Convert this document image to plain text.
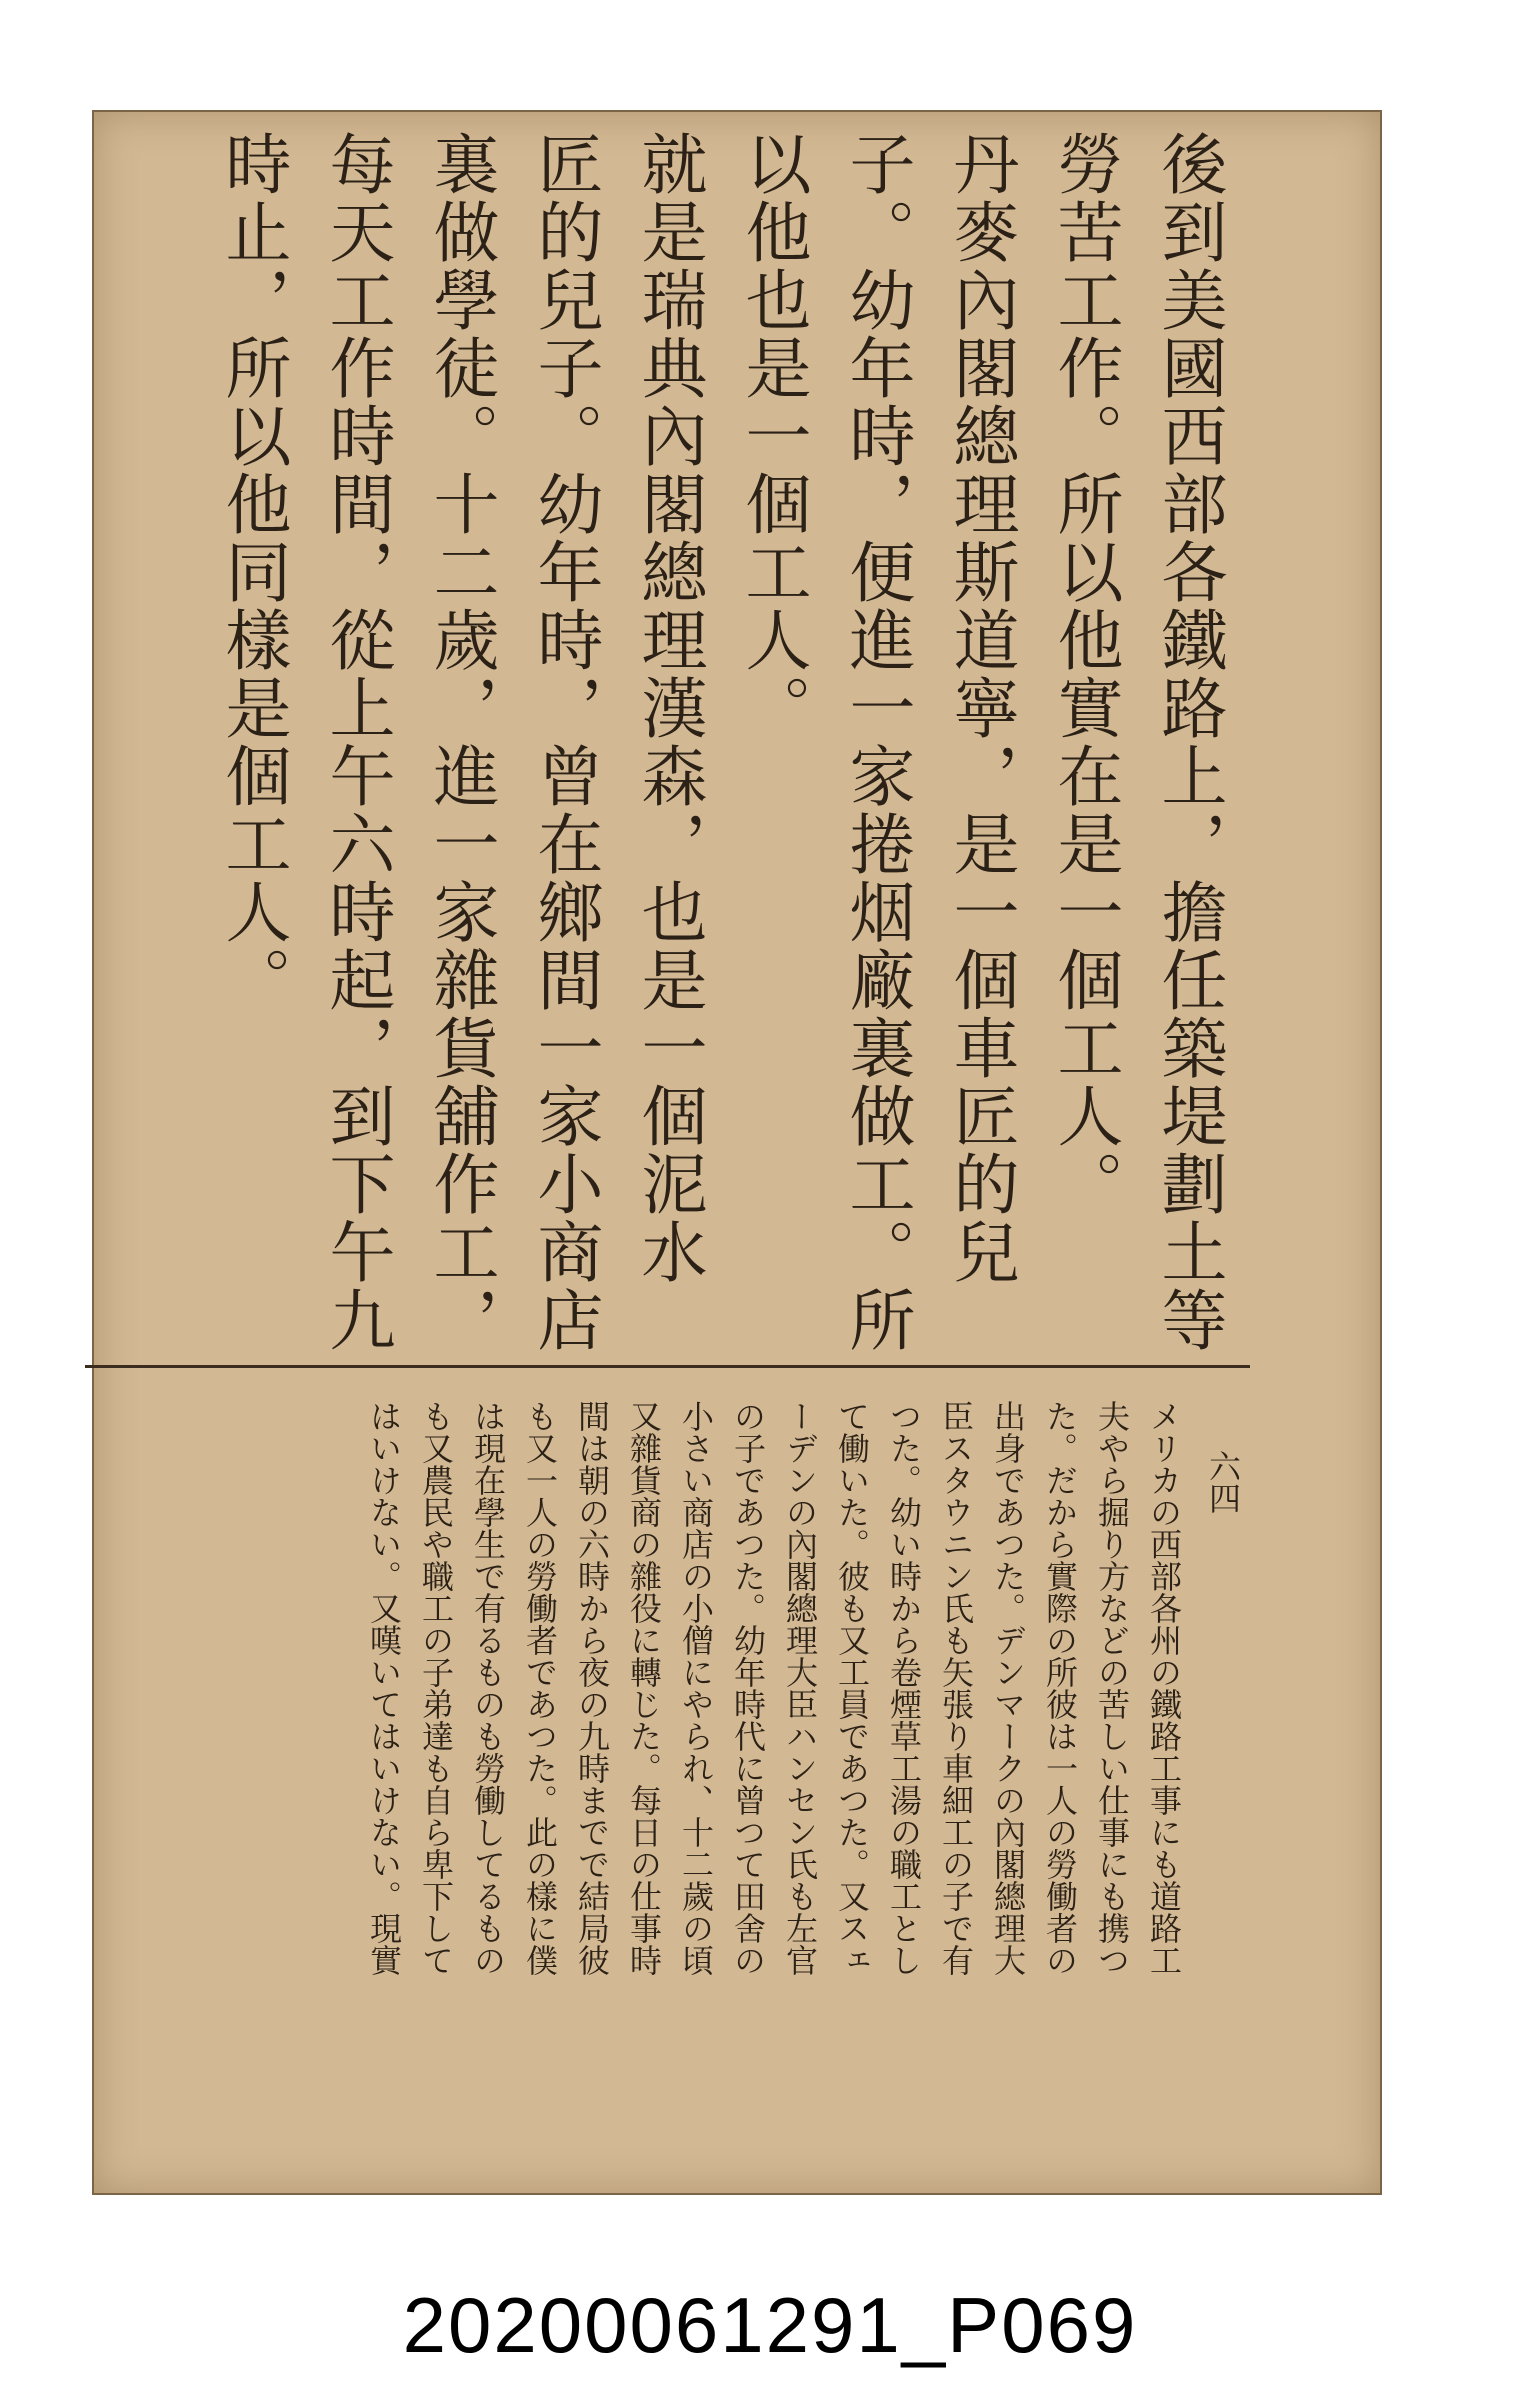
後到美國西部各鐵路上，擔任築堤劃土等

勞苦工作。所以他實在是一個工人。

丹麥內閣總理斯道寧，是一個車匠的兒

子。幼年時，便進一家捲烟廠裏做工。所

以他也是一個工人。

就是瑞典內閣總理漢森，也是一個泥水

匠的兒子。幼年時，曾在鄉間一家小商店

裏做學徒。十二歲，進一家雜貨舖作工，

每天工作時間，從上午六時起，到下午九

時止，所以他同樣是個工人。

六四

メリカの西部各州の鐵路工事にも道路工

夫やら掘り方などの苦しい仕事にも携つ

た。だから實際の所彼は一人の勞働者の

出身であつた。デンマークの內閣總理大

臣スタウニン氏も矢張り車細工の子で有

つた。幼い時から卷煙草工湯の職工とし

て働いた。彼も又工員であつた。又スェ

ーデンの內閣總理大臣ハンセン氏も左官

の子であつた。幼年時代に曾つて田舍の

小さい商店の小僧にやられ、十二歲の頃

又雜貨商の雜役に轉じた。每日の仕事時

間は朝の六時から夜の九時までで結局彼

も又一人の勞働者であつた。此の樣に僕

は現在學生で有るものも勞働してるもの

も又農民や職工の子弟達も自ら卑下して

はいけない。又嘆いてはいけない。現實

20200061291_P069
